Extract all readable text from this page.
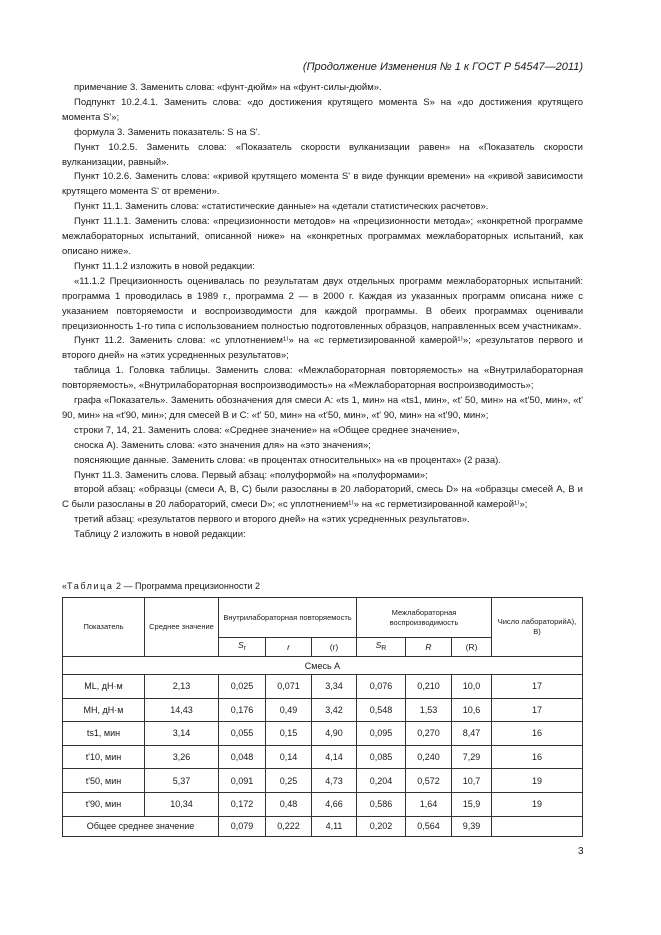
(Продолжение Изменения № 1 к ГОСТ Р 54547—2011)

примечание 3. Заменить слова: «фунт-дюйм» на «фунт-силы-дюйм».

Подпункт 10.2.4.1. Заменить слова: «до достижения крутящего момента S» на «до достижения крутящего момента S'»;

формула 3. Заменить показатель: S на S'.

Пункт 10.2.5. Заменить слова: «Показатель скорости вулканизации равен» на «Показатель скорости вулканизации, равный».

Пункт 10.2.6. Заменить слова: «кривой крутящего момента S' в виде функции времени» на «кривой зависимости крутящего момента S' от времени».

Пункт 11.1. Заменить слова: «статистические данные» на «детали статистических расчетов».

Пункт 11.1.1. Заменить слова: «прецизионности методов» на «прецизионности метода»; «конкретной программе межлабораторных испытаний, описанной ниже» на «конкретных программах межлабораторных испытаний, как описано ниже».

Пункт 11.1.2 изложить в новой редакции:

«11.1.2 Прецизионность оценивалась по результатам двух отдельных программ межлабораторных испытаний: программа 1 проводилась в 1989 г., программа 2 — в 2000 г. Каждая из указанных программ описана ниже с указанием повторяемости и воспроизводимости для каждой программы. В обеих программах оценивали прецизионность 1-го типа с использованием полностью подготовленных образцов, направленных всем участникам».

Пункт 11.2. Заменить слова: «с уплотнением¹⁾» на «с герметизированной камерой¹⁾»; «результатов первого и второго дней» на «этих усредненных результатов»;

таблица 1. Головка таблицы. Заменить слова: «Межлабораторная повторяемость» на «Внутрилабораторная повторяемость», «Внутрилабораторная воспроизводимость» на «Межлабораторная воспроизводимость»;

графа «Показатель». Заменить обозначения для смеси A: «ts 1, мин» на «ts1, мин», «t' 50, мин» на «t'50, мин», «t' 90, мин» на «t'90, мин»; для смесей B и C: «t' 50, мин» на «t'50, мин», «t' 90, мин» на «t'90, мин»;

строки 7, 14, 21. Заменить слова: «Среднее значение» на «Общее среднее значение»,

сноска A). Заменить слова: «это значения для» на «это значения»;

поясняющие данные. Заменить слова: «в процентах относительных» на «в процентах» (2 раза).

Пункт 11.3. Заменить слова. Первый абзац: «полуформой» на «полуформами»;

второй абзац: «образцы (смеси A, B, C) были разосланы в 20 лабораторий, смесь D» на «образцы смесей A, B и C были разосланы в 20 лабораторий, смеси D»; «с уплотнением¹⁾» на «с герметизированной камерой¹⁾»;

третий абзац: «результатов первого и второго дней» на «этих усредненных результатов».

Таблицу 2 изложить в новой редакции:

«Таблица 2 — Программа прецизионности 2
Показатель	Среднее значение	Внутрилабораторная повторяемость			Межлабораторная воспроизводимость			Число лабораторийA), B)
		$S_r$	r	(r)	$S_R$	R	(R)	
Смесь A								
ML, дН·м	2,13	0,025	0,071	3,34	0,076	0,210	10,0	17
MH, дН·м	14,43	0,176	0,49	3,42	0,548	1,53	10,6	17
ts1, мин	3,14	0,055	0,15	4,90	0,095	0,270	8,47	16
t'10, мин	3,26	0,048	0,14	4,14	0,085	0,240	7,29	16
t'50, мин	5,37	0,091	0,25	4,73	0,204	0,572	10,7	19
t'90, мин	10,34	0,172	0,48	4,66	0,586	1,64	15,9	19
Общее среднее значение		0,079	0,222	4,11	0,202	0,564	9,39	
3
